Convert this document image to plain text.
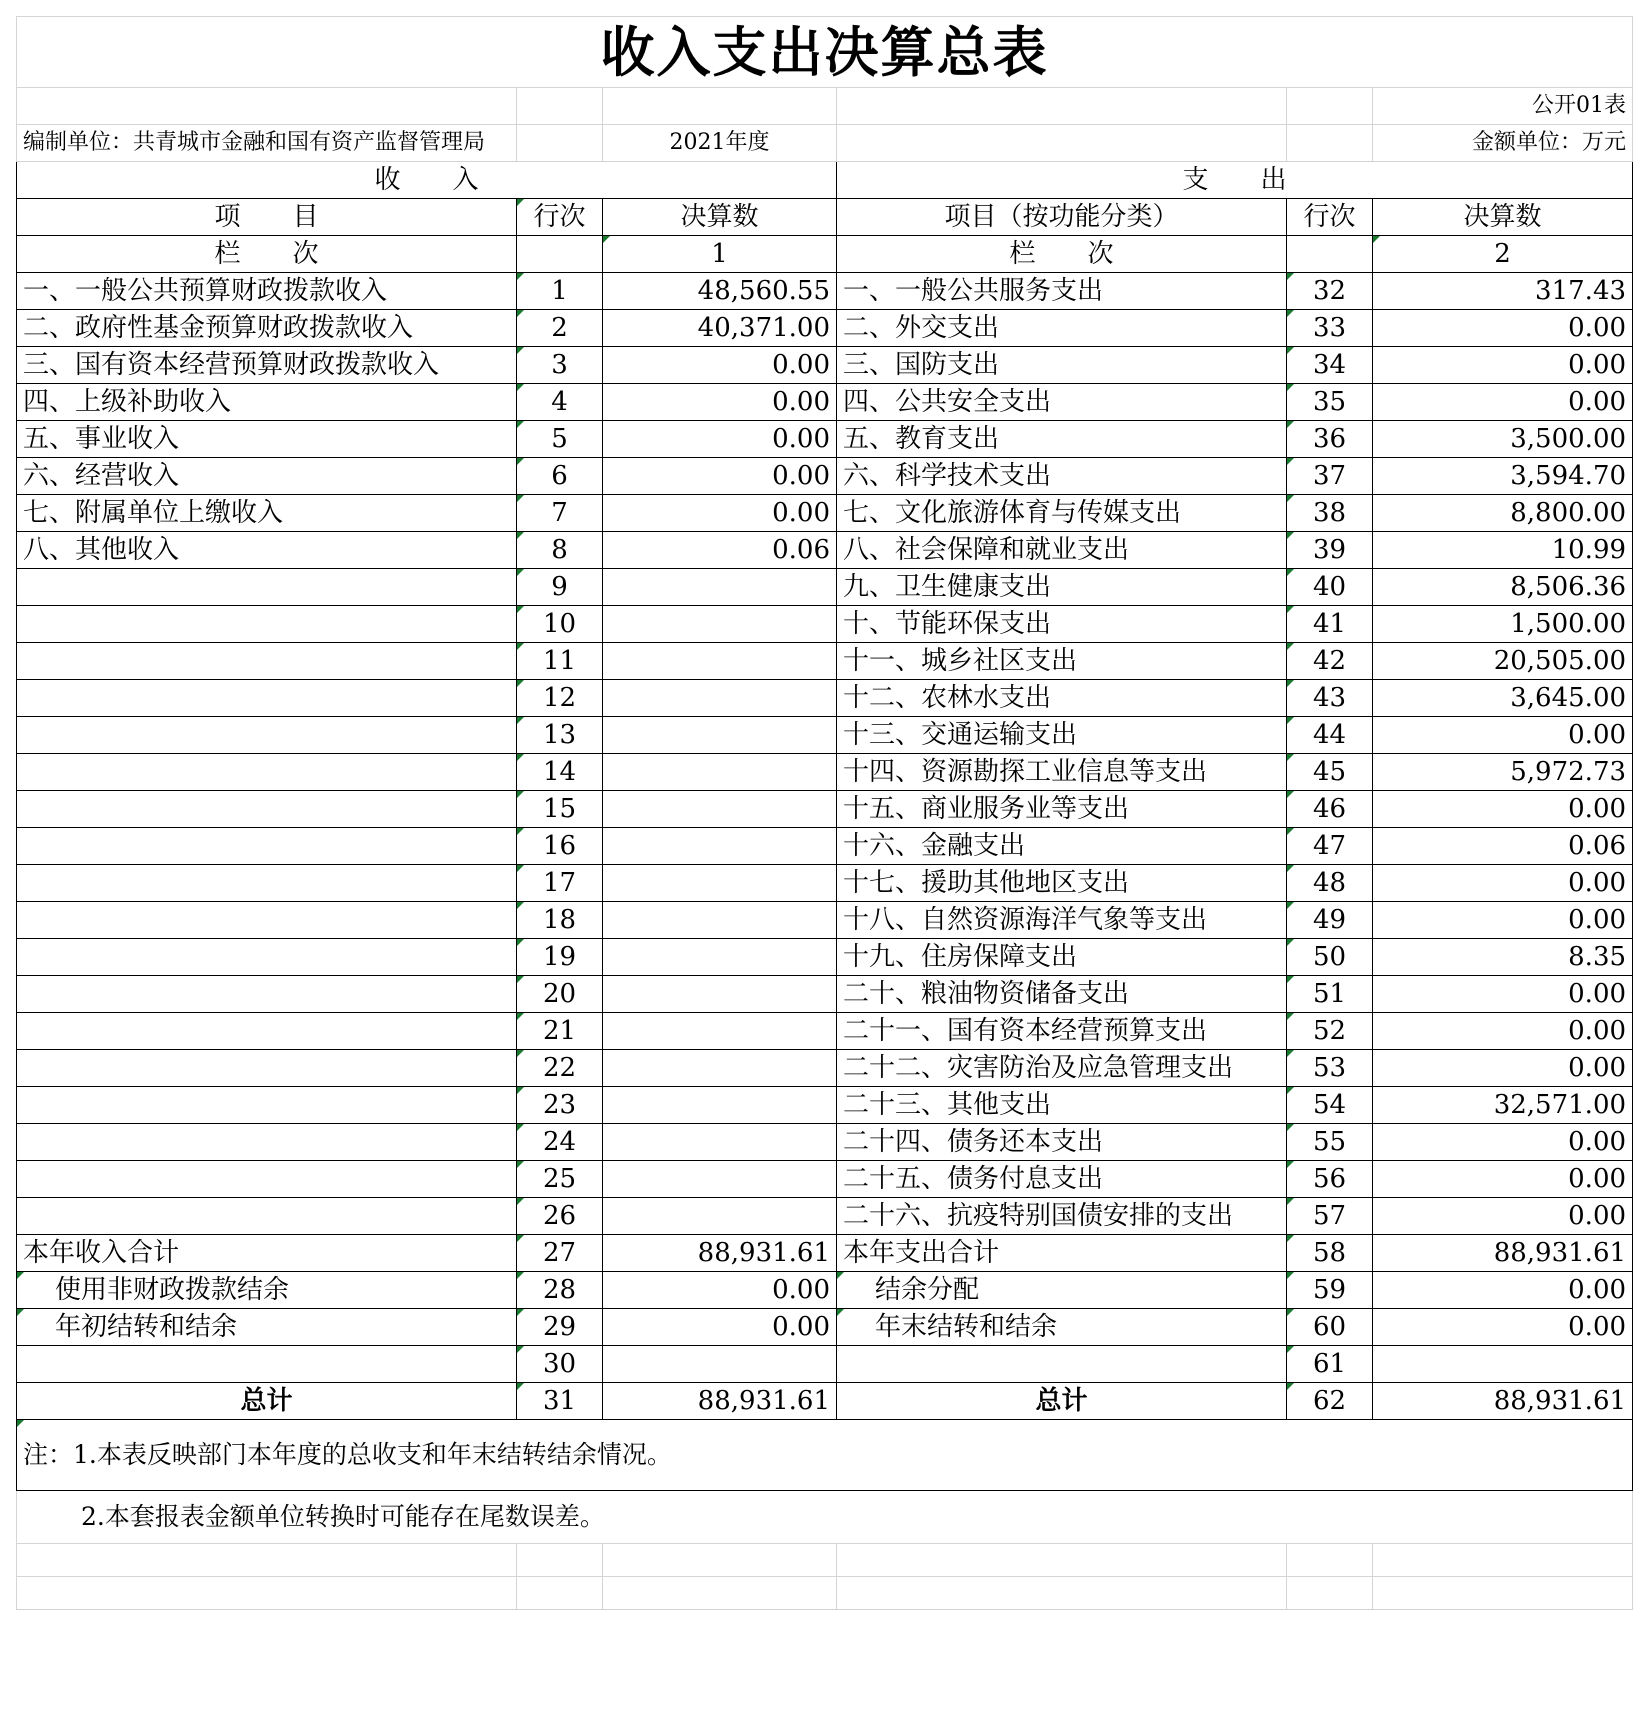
收入支出决算总表					
					公开01表
编制单位：共青城市金融和国有资产监督管理局		2021年度			金额单位：万元
收　　入			支　　出		
项　　目	行次	决算数	项目（按功能分类）	行次	决算数
栏　　次		1	栏　　次		2
一、一般公共预算财政拨款收入	1	48,560.55	一、一般公共服务支出	32	317.43
二、政府性基金预算财政拨款收入	2	40,371.00	二、外交支出	33	0.00
三、国有资本经营预算财政拨款收入	3	0.00	三、国防支出	34	0.00
四、上级补助收入	4	0.00	四、公共安全支出	35	0.00
五、事业收入	5	0.00	五、教育支出	36	3,500.00
六、经营收入	6	0.00	六、科学技术支出	37	3,594.70
七、附属单位上缴收入	7	0.00	七、文化旅游体育与传媒支出	38	8,800.00
八、其他收入	8	0.06	八、社会保障和就业支出	39	10.99
	9		九、卫生健康支出	40	8,506.36
	10		十、节能环保支出	41	1,500.00
	11		十一、城乡社区支出	42	20,505.00
	12		十二、农林水支出	43	3,645.00
	13		十三、交通运输支出	44	0.00
	14		十四、资源勘探工业信息等支出	45	5,972.73
	15		十五、商业服务业等支出	46	0.00
	16		十六、金融支出	47	0.06
	17		十七、援助其他地区支出	48	0.00
	18		十八、自然资源海洋气象等支出	49	0.00
	19		十九、住房保障支出	50	8.35
	20		二十、粮油物资储备支出	51	0.00
	21		二十一、国有资本经营预算支出	52	0.00
	22		二十二、灾害防治及应急管理支出	53	0.00
	23		二十三、其他支出	54	32,571.00
	24		二十四、债务还本支出	55	0.00
	25		二十五、债务付息支出	56	0.00
	26		二十六、抗疫特别国债安排的支出	57	0.00
本年收入合计	27	88,931.61	本年支出合计	58	88,931.61
使用非财政拨款结余	28	0.00	结余分配	59	0.00
年初结转和结余	29	0.00	年末结转和结余	60	0.00
	30			61	
总计	31	88,931.61	总计	62	88,931.61
注：1.本表反映部门本年度的总收支和年末结转结余情况。					
2.本套报表金额单位转换时可能存在尾数误差。					
